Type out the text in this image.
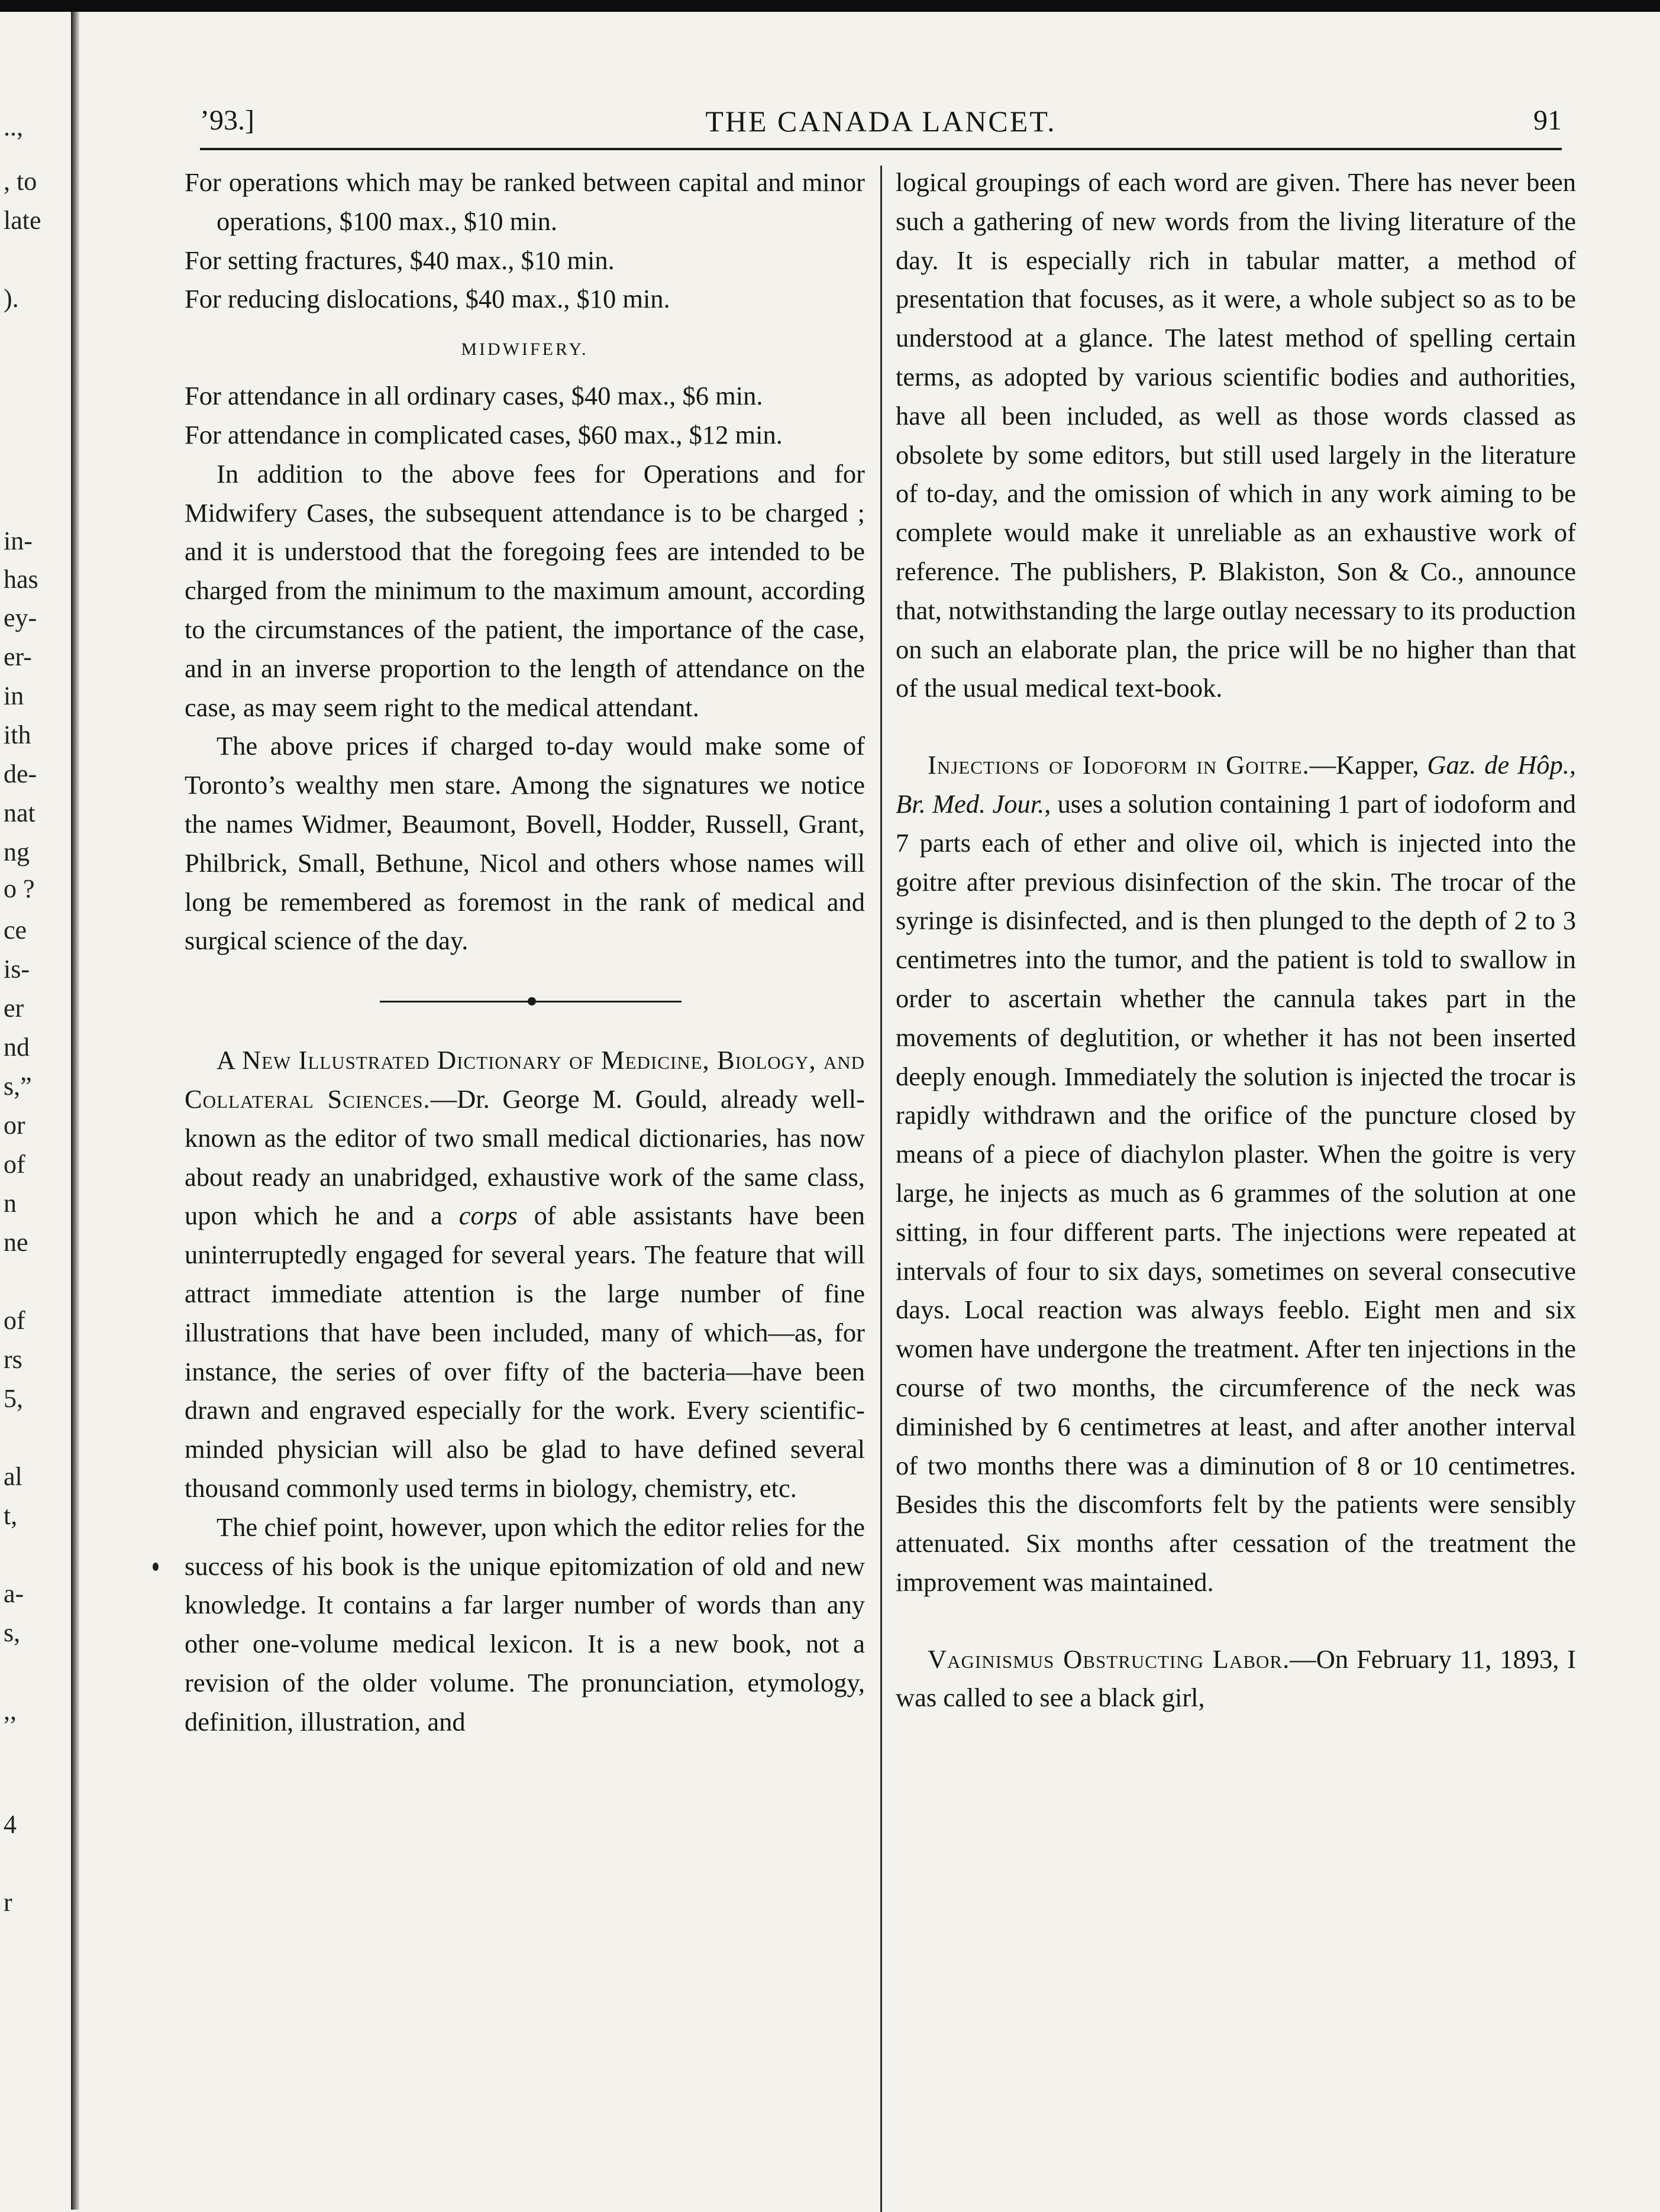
..,
, to
late
).
in-
has
ey-
er-
in
ith
de-
nat
ng
o ?
ce
is-
er
nd
s,”
or
of
n
ne
of
rs
5,
al
t,
a-
s,
,,
4
r
’93.]	THE CANADA LANCET.	91

For operations which may be ranked between capital and minor operations, $100 max., $10 min.

For setting fractures, $40 max., $10 min.

For reducing dislocations, $40 max., $10 min.

MIDWIFERY.

For attendance in all ordinary cases, $40 max., $6 min.

For attendance in complicated cases, $60 max., $12 min.

In addition to the above fees for Operations and for Midwifery Cases, the subsequent attendance is to be charged ; and it is understood that the foregoing fees are intended to be charged from the minimum to the maximum amount, according to the circumstances of the patient, the importance of the case, and in an inverse proportion to the length of attendance on the case, as may seem right to the medical attendant.

The above prices if charged to-day would make some of Toronto’s wealthy men stare. Among the signatures we notice the names Widmer, Beaumont, Bovell, Hodder, Russell, Grant, Philbrick, Small, Bethune, Nicol and others whose names will long be remembered as foremost in the rank of medical and surgical science of the day.

A New Illustrated Dictionary of Medicine, Biology, and Collateral Sciences.—Dr. George M. Gould, already well-known as the editor of two small medical dictionaries, has now about ready an unabridged, exhaustive work of the same class, upon which he and a corps of able assistants have been uninterruptedly engaged for several years. The feature that will attract immediate attention is the large number of fine illustrations that have been included, many of which—as, for instance, the series of over fifty of the bacteria—have been drawn and engraved especially for the work. Every scientific-minded physician will also be glad to have defined several thousand commonly used terms in biology, chemistry, etc.

The chief point, however, upon which the editor relies for the success of his book is the unique epitomization of old and new knowledge. It contains a far larger number of words than any other one-volume medical lexicon. It is a new book, not a revision of the older volume. The pronunciation, etymology, definition, illustration, and

logical groupings of each word are given. There has never been such a gathering of new words from the living literature of the day. It is especially rich in tabular matter, a method of presentation that focuses, as it were, a whole subject so as to be understood at a glance. The latest method of spelling certain terms, as adopted by various scientific bodies and authorities, have all been included, as well as those words classed as obsolete by some editors, but still used largely in the literature of to-day, and the omission of which in any work aiming to be complete would make it unreliable as an exhaustive work of reference. The publishers, P. Blakiston, Son & Co., announce that, notwithstanding the large outlay necessary to its production on such an elaborate plan, the price will be no higher than that of the usual medical text-book.

Injections of Iodoform in Goitre.—Kapper, Gaz. de Hôp., Br. Med. Jour., uses a solution containing 1 part of iodoform and 7 parts each of ether and olive oil, which is injected into the goitre after previous disinfection of the skin. The trocar of the syringe is disinfected, and is then plunged to the depth of 2 to 3 centimetres into the tumor, and the patient is told to swallow in order to ascertain whether the cannula takes part in the movements of deglutition, or whether it has not been inserted deeply enough. Immediately the solution is injected the trocar is rapidly withdrawn and the orifice of the puncture closed by means of a piece of diachylon plaster. When the goitre is very large, he injects as much as 6 grammes of the solution at one sitting, in four different parts. The injections were repeated at intervals of four to six days, sometimes on several consecutive days. Local reaction was always feeblo. Eight men and six women have undergone the treatment. After ten injections in the course of two months, the circumference of the neck was diminished by 6 centimetres at least, and after another interval of two months there was a diminution of 8 or 10 centimetres. Besides this the discomforts felt by the patients were sensibly attenuated. Six months after cessation of the treatment the improvement was maintained.

Vaginismus Obstructing Labor.—On February 11, 1893, I was called to see a black girl,
